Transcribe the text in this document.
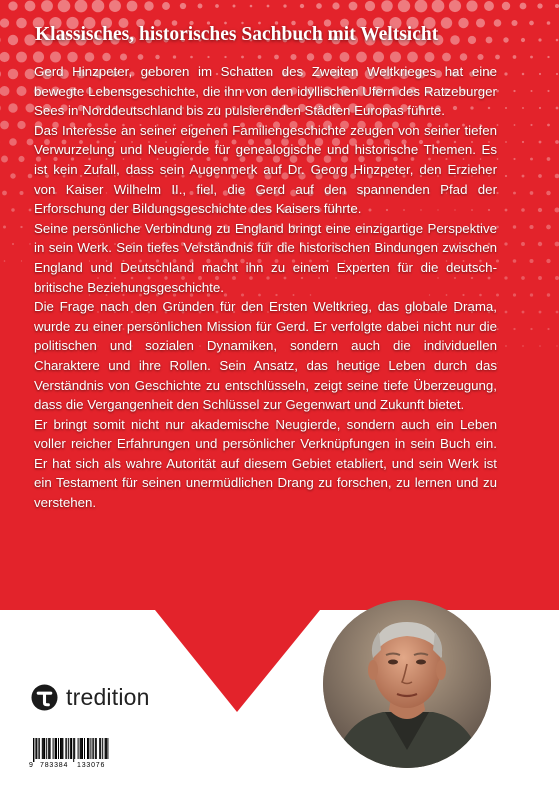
Klassisches, historisches Sachbuch mit Weltsicht

Gerd Hinzpeter, geboren im Schatten des Zweiten Weltkrieges hat eine bewegte Lebensgeschichte, die ihn von den idyllischen Ufern des Ratzeburger Sees in Norddeutschland bis zu pulsierenden Städten Europas führte.

Das Interesse an seiner eigenen Familiengeschichte zeugen von seiner tiefen Verwurzelung und Neugierde für genealogische und historische Themen. Es ist kein Zufall, dass sein Augenmerk auf Dr. Georg Hinzpeter, den Erzieher von Kaiser Wilhelm II., fiel, die Gerd auf den spannenden Pfad der Erforschung der Bildungsgeschichte des Kaisers führte.

Seine persönliche Verbindung zu England bringt eine einzigartige Perspektive in sein Werk. Sein tiefes Verständnis für die historischen Bindungen zwischen England und Deutschland macht ihn zu einem Experten für die deutsch-britische Beziehungsgeschichte.

Die Frage nach den Gründen für den Ersten Weltkrieg, das globale Drama, wurde zu einer persönlichen Mission für Gerd. Er verfolgte dabei nicht nur die politischen und sozialen Dynamiken, sondern auch die individuellen Charaktere und ihre Rollen. Sein Ansatz, das heutige Leben durch das Verständnis von Geschichte zu entschlüsseln, zeigt seine tiefe Überzeugung, dass die Vergangenheit den Schlüssel zur Gegenwart und Zukunft bietet.

Er bringt somit nicht nur akademische Neugierde, sondern auch ein Leben voller reicher Erfahrungen und persönlicher Verknüpfungen in sein Buch ein. Er hat sich als wahre Autorität auf diesem Gebiet etabliert, und sein Werk ist ein Testament für seinen unermüdlichen Drang zu forschen, zu lernen und zu verstehen.

tredition
9 783384 133076
